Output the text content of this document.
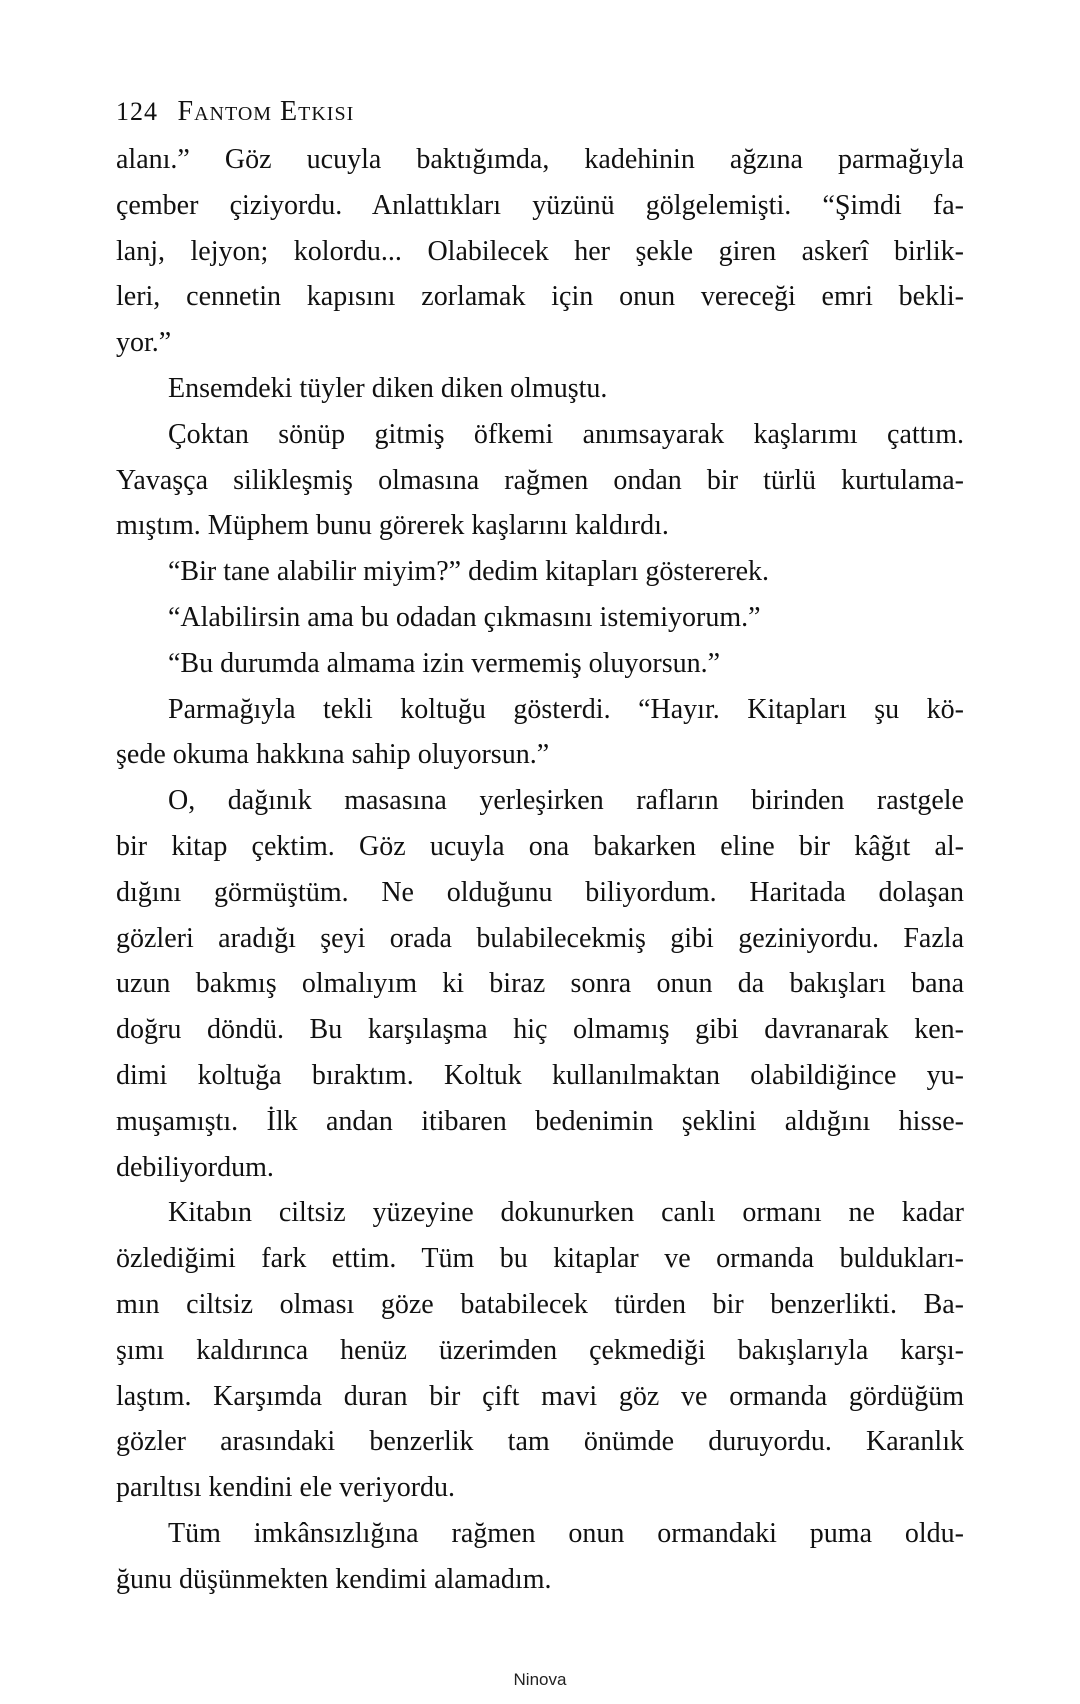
124 Fantom Etkisi
alanı.” Göz ucuyla baktığımda, kadehinin ağzına parmağıyla
çember çiziyordu. Anlattıkları yüzünü gölgelemişti. “Şimdi fa-
lanj, lejyon; kolordu... Olabilecek her şekle giren askerî birlik-
leri, cennetin kapısını zorlamak için onun vereceği emri bekli-
yor.”
Ensemdeki tüyler diken diken olmuştu.
Çoktan sönüp gitmiş öfkemi anımsayarak kaşlarımı çattım.
Yavaşça silikleşmiş olmasına rağmen ondan bir türlü kurtulama-
mıştım. Müphem bunu görerek kaşlarını kaldırdı.
“Bir tane alabilir miyim?” dedim kitapları göstererek.
“Alabilirsin ama bu odadan çıkmasını istemiyorum.”
“Bu durumda almama izin vermemiş oluyorsun.”
Parmağıyla tekli koltuğu gösterdi. “Hayır. Kitapları şu kö-
şede okuma hakkına sahip oluyorsun.”
O, dağınık masasına yerleşirken rafların birinden rastgele
bir kitap çektim. Göz ucuyla ona bakarken eline bir kâğıt al-
dığını görmüştüm. Ne olduğunu biliyordum. Haritada dolaşan
gözleri aradığı şeyi orada bulabilecekmiş gibi geziniyordu. Fazla
uzun bakmış olmalıyım ki biraz sonra onun da bakışları bana
doğru döndü. Bu karşılaşma hiç olmamış gibi davranarak ken-
dimi koltuğa bıraktım. Koltuk kullanılmaktan olabildiğince yu-
muşamıştı. İlk andan itibaren bedenimin şeklini aldığını hisse-
debiliyordum.
Kitabın ciltsiz yüzeyine dokunurken canlı ormanı ne kadar
özlediğimi fark ettim. Tüm bu kitaplar ve ormanda buldukları-
mın ciltsiz olması göze batabilecek türden bir benzerlikti. Ba-
şımı kaldırınca henüz üzerimden çekmediği bakışlarıyla karşı-
laştım. Karşımda duran bir çift mavi göz ve ormanda gördüğüm
gözler arasındaki benzerlik tam önümde duruyordu. Karanlık
parıltısı kendini ele veriyordu.
Tüm imkânsızlığına rağmen onun ormandaki puma oldu-
ğunu düşünmekten kendimi alamadım.
Ninova
